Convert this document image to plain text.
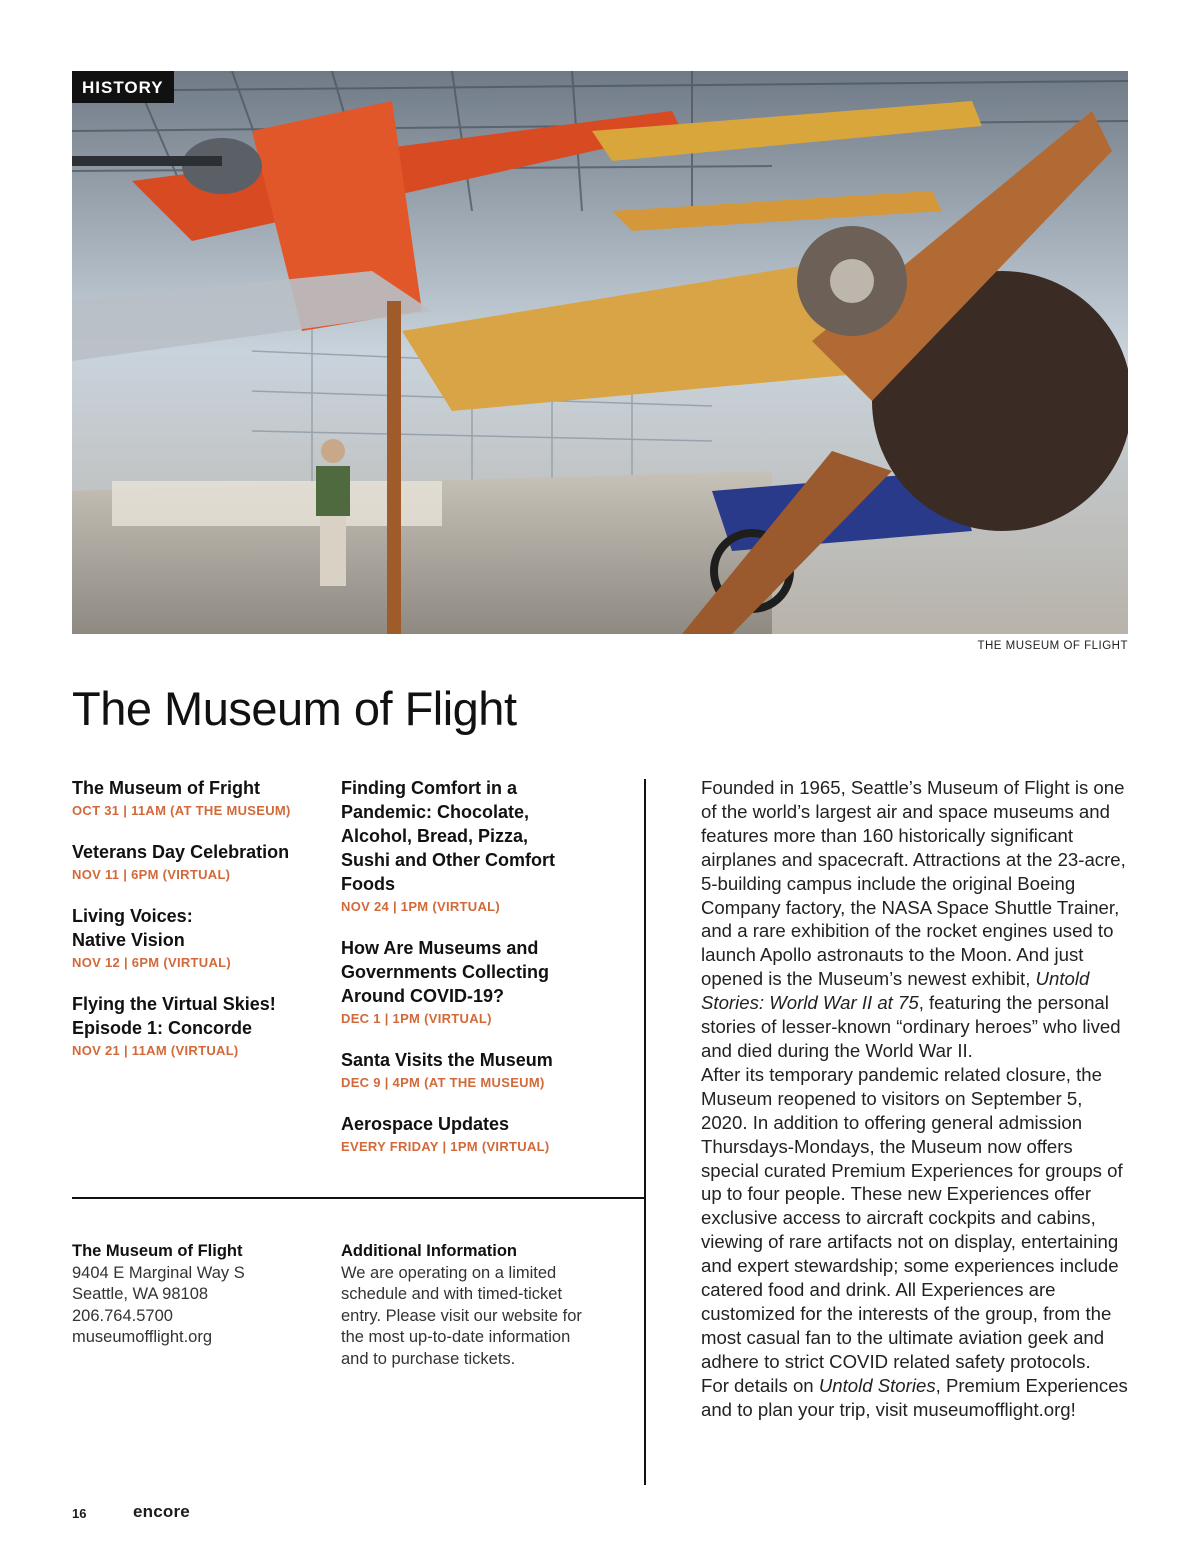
HISTORY
THE MUSEUM OF FLIGHT
The Museum of Flight
The Museum of Fright
OCT 31 | 11AM (AT THE MUSEUM)
Veterans Day Celebration
NOV 11 | 6PM (VIRTUAL)
Living Voices: Native Vision
NOV 12 | 6PM (VIRTUAL)
Flying the Virtual Skies! Episode 1: Concorde
NOV 21 | 11AM (VIRTUAL)
Finding Comfort in a Pandemic: Chocolate, Alcohol, Bread, Pizza, Sushi and Other Comfort Foods
NOV 24 | 1PM (VIRTUAL)
How Are Museums and Governments Collecting Around COVID-19?
DEC 1 | 1PM (VIRTUAL)
Santa Visits the Museum
DEC 9 | 4PM (AT THE MUSEUM)
Aerospace Updates
EVERY FRIDAY | 1PM (VIRTUAL)
The Museum of Flight
9404 E Marginal Way S
Seattle, WA 98108
206.764.5700
museumofflight.org
Additional Information
We are operating on a limited schedule and with timed-ticket entry. Please visit our website for the most up-to-date information and to purchase tickets.

Founded in 1965, Seattle’s Museum of Flight is one of the world’s largest air and space museums and features more than 160 historically significant airplanes and spacecraft. Attractions at the 23-acre, 5-building campus include the original Boeing Company factory, the NASA Space Shuttle Trainer, and a rare exhibition of the rocket engines used to launch Apollo astronauts to the Moon. And just opened is the Museum’s newest exhibit, Untold Stories: World War II at 75, featuring the personal stories of lesser-known “ordinary heroes” who lived and died during the World War II.

After its temporary pandemic related closure, the Museum reopened to visitors on September 5, 2020. In addition to offering general admission Thursdays-Mondays, the Museum now offers special curated Premium Experiences for groups of up to four people. These new Experiences offer exclusive access to aircraft cockpits and cabins, viewing of rare artifacts not on display, entertaining and expert stewardship; some experiences include catered food and drink. All Experiences are customized for the interests of the group, from the most casual fan to the ultimate aviation geek and adhere to strict COVID related safety protocols.

For details on Untold Stories, Premium Experiences and to plan your trip, visit museumofflight.org!

16	encore
